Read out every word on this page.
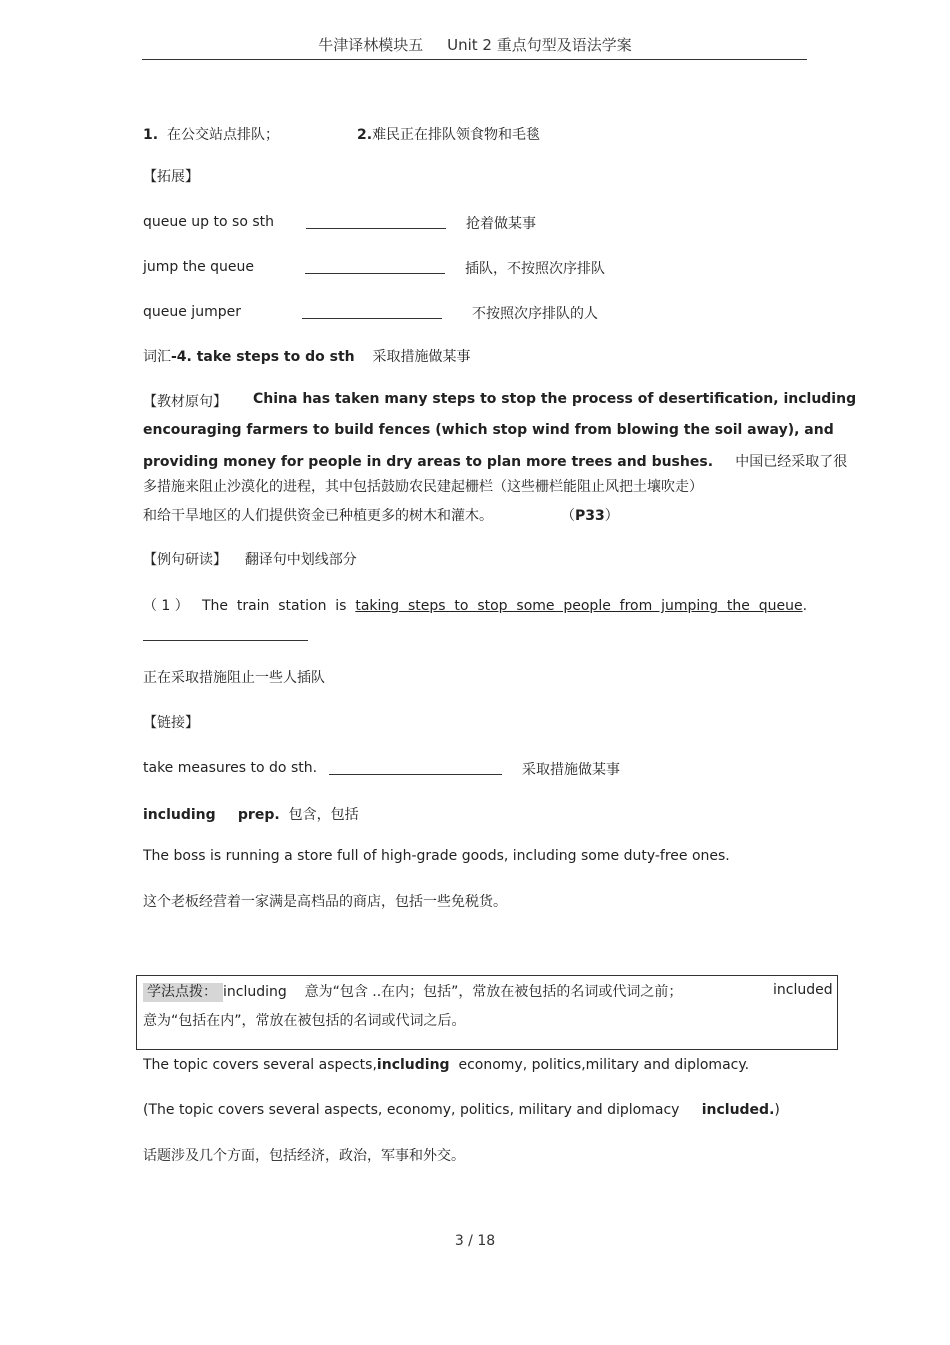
牛津译林模块五     Unit 2 重点句型及语法学案
1. 在公交站点排队；	2.难民正在排队领食物和毛毯
【拓展】
queue up to so sth	抢着做某事
jump the queue	插队，不按照次序排队
queue jumper	不按照次序排队的人
词汇-4. take steps to do sth 采取措施做某事
【教材原句】 China has taken many steps to stop the process of desertification, including
encouraging farmers to build fences (which stop wind from blowing the soil away), and
providing money for people in dry areas to plan more trees and bushes. 中国已经采取了很
多措施来阻止沙漠化的进程，其中包括鼓励农民建起栅栏（这些栅栏能阻止风把土壤吹走）
和给干旱地区的人们提供资金已种植更多的树木和灌木。	（P33）
【例句研读】 翻译句中划线部分
（1） The train station is taking steps to stop some people from jumping the queue.
正在采取措施阻止一些人插队
【链接】
take measures to do sth.	采取措施做某事
including prep. 包含，包括
The boss is running a store full of high-grade goods, including some duty-free ones.
这个老板经营着一家满是高档品的商店，包括一些免税货。
学法点拨： including 意为“包含 ..在内；包括”，常放在被包括的名词或代词之前；	included
意为“包括在内”，常放在被包括的名词或代词之后。
The topic covers several aspects,including economy, politics,military and diplomacy.
(The topic covers several aspects, economy, politics, military and diplomacy included.)
话题涉及几个方面，包括经济，政治，军事和外交。
3 / 18
